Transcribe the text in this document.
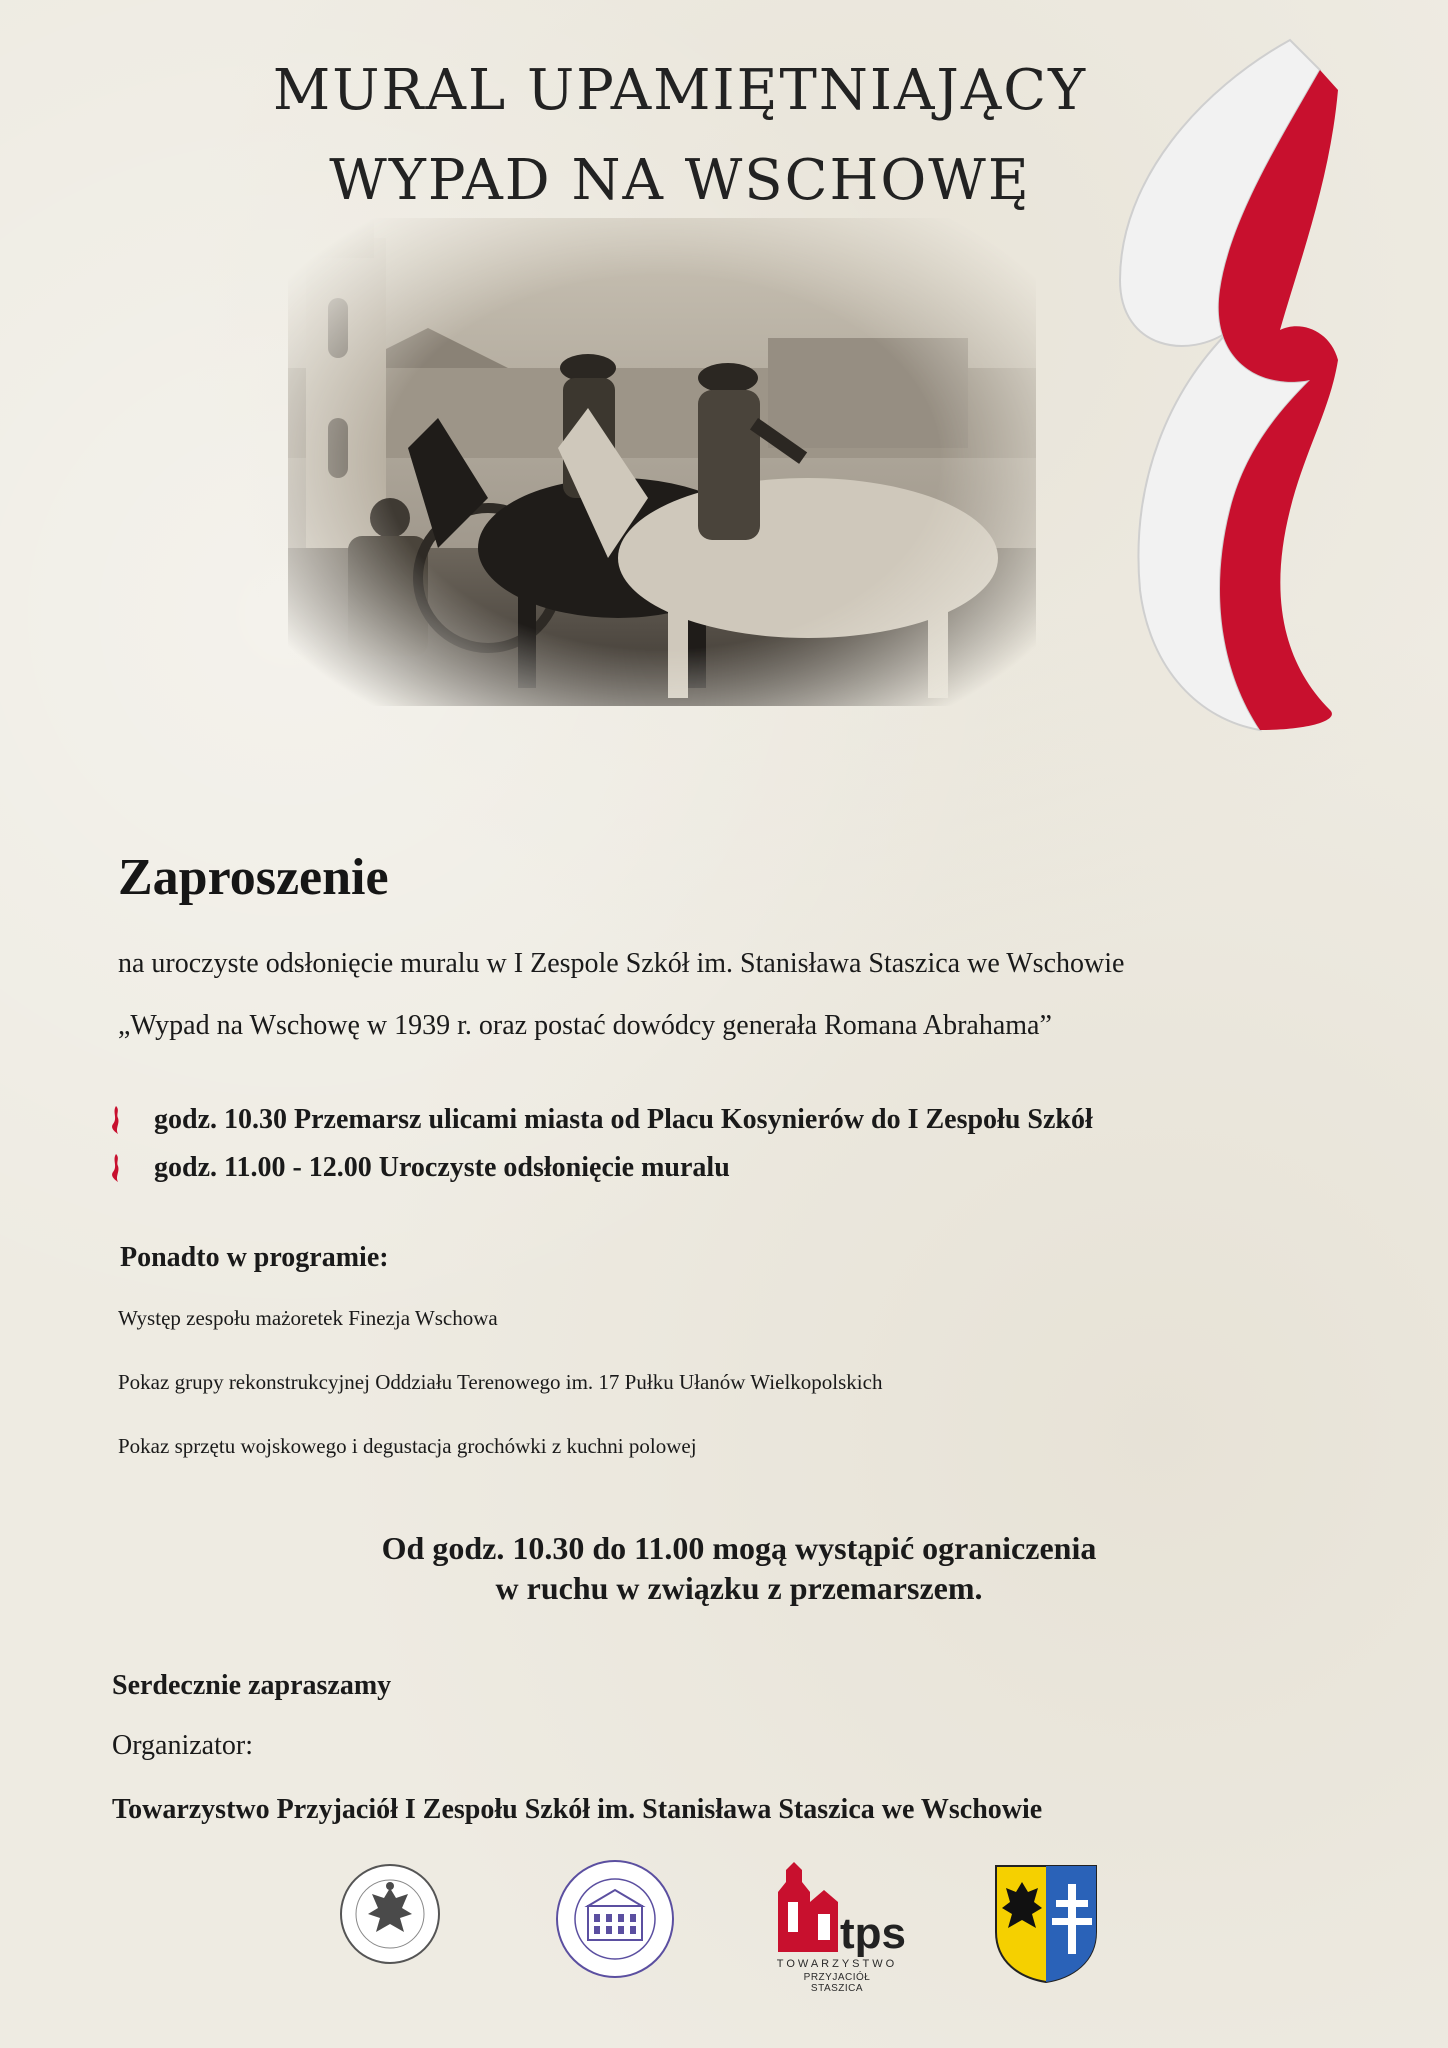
MURAL UPAMIĘTNIAJĄCY
WYPAD NA WSCHOWĘ
Zaproszenie
na uroczyste odsłonięcie muralu w I Zespole Szkół im. Stanisława Staszica we Wschowie
„Wypad na Wschowę w 1939 r. oraz postać dowódcy generała Romana Abrahama”
godz. 10.30 Przemarsz ulicami miasta od Placu Kosynierów do I Zespołu Szkół
godz. 11.00 - 12.00 Uroczyste odsłonięcie muralu
Ponadto w programie:
Występ zespołu mażoretek Finezja Wschowa
Pokaz grupy rekonstrukcyjnej Oddziału Terenowego im. 17 Pułku Ułanów Wielkopolskich
Pokaz sprzętu wojskowego i degustacja grochówki z kuchni polowej
Od godz. 10.30 do 11.00 mogą wystąpić ograniczenia
w ruchu w związku z przemarszem.
Serdecznie zapraszamy
Organizator:
Towarzystwo Przyjaciół I Zespołu Szkół im. Stanisława Staszica we Wschowie
tps
TOWARZYSTWO
PRZYJACIÓŁ STASZICA
